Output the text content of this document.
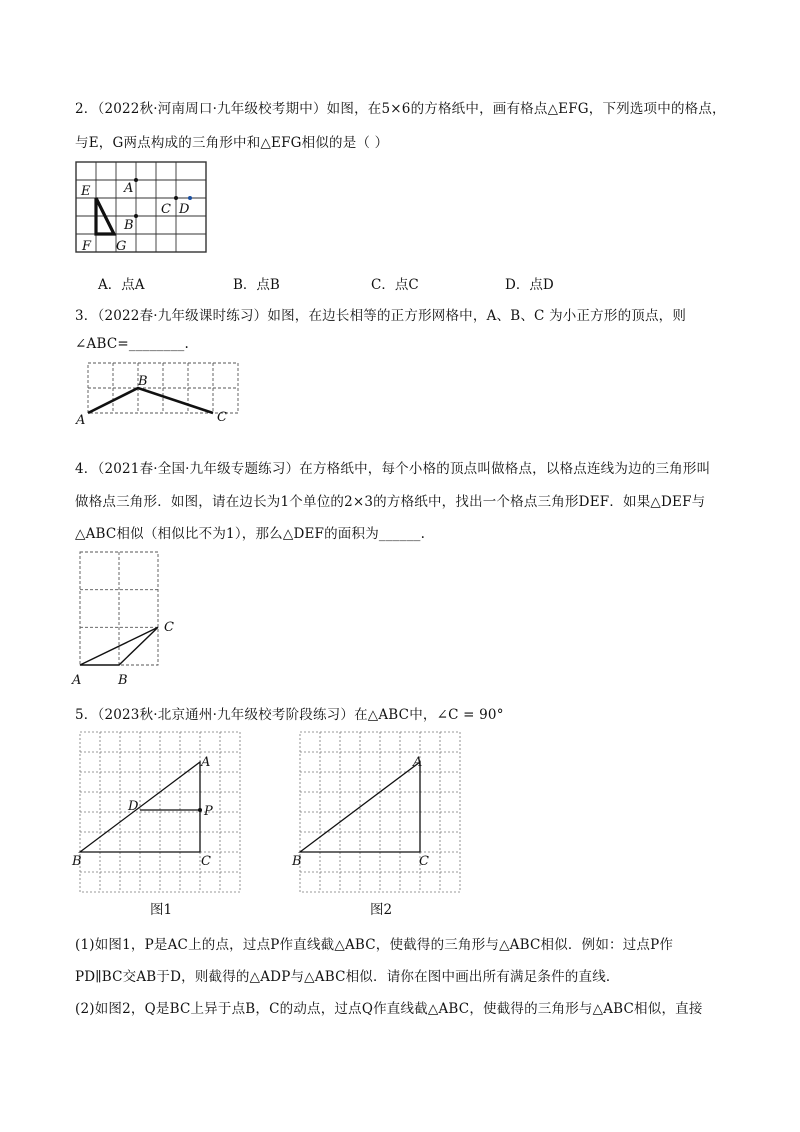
2．（2022秋·河南周口·九年级校考期中）如图，在5×6的方格纸中，画有格点△EFG，下列选项中的格点，
与E，G两点构成的三角形中和△EFG相似的是（ ）
E
F G
A
B
C D
A．点A	B．点B	C．点C	D．点D
3．（2022春·九年级课时练习）如图，在边长相等的正方形网格中，A、B、C 为小正方形的顶点，则
∠ABC=________.
A
B
C
4．（2021春·全国·九年级专题练习）在方格纸中，每个小格的顶点叫做格点，以格点连线为边的三角形叫
做格点三角形．如图，请在边长为1个单位的2×3的方格纸中，找出一个格点三角形DEF．如果△DEF与
△ABC相似（相似比不为1），那么△DEF的面积为______.
A	B
C
5．（2023秋·北京通州·九年级校考阶段练习）在△ABC中，∠C = 90°
A
B	C
D	P
图1
A
B	C
图2
(1)如图1，P是AC上的点，过点P作直线截△ABC，使截得的三角形与△ABC相似．例如：过点P作
PD∥BC交AB于D，则截得的△ADP与△ABC相似．请你在图中画出所有满足条件的直线．
(2)如图2，Q是BC上异于点B，C的动点，过点Q作直线截△ABC，使截得的三角形与△ABC相似，直接
